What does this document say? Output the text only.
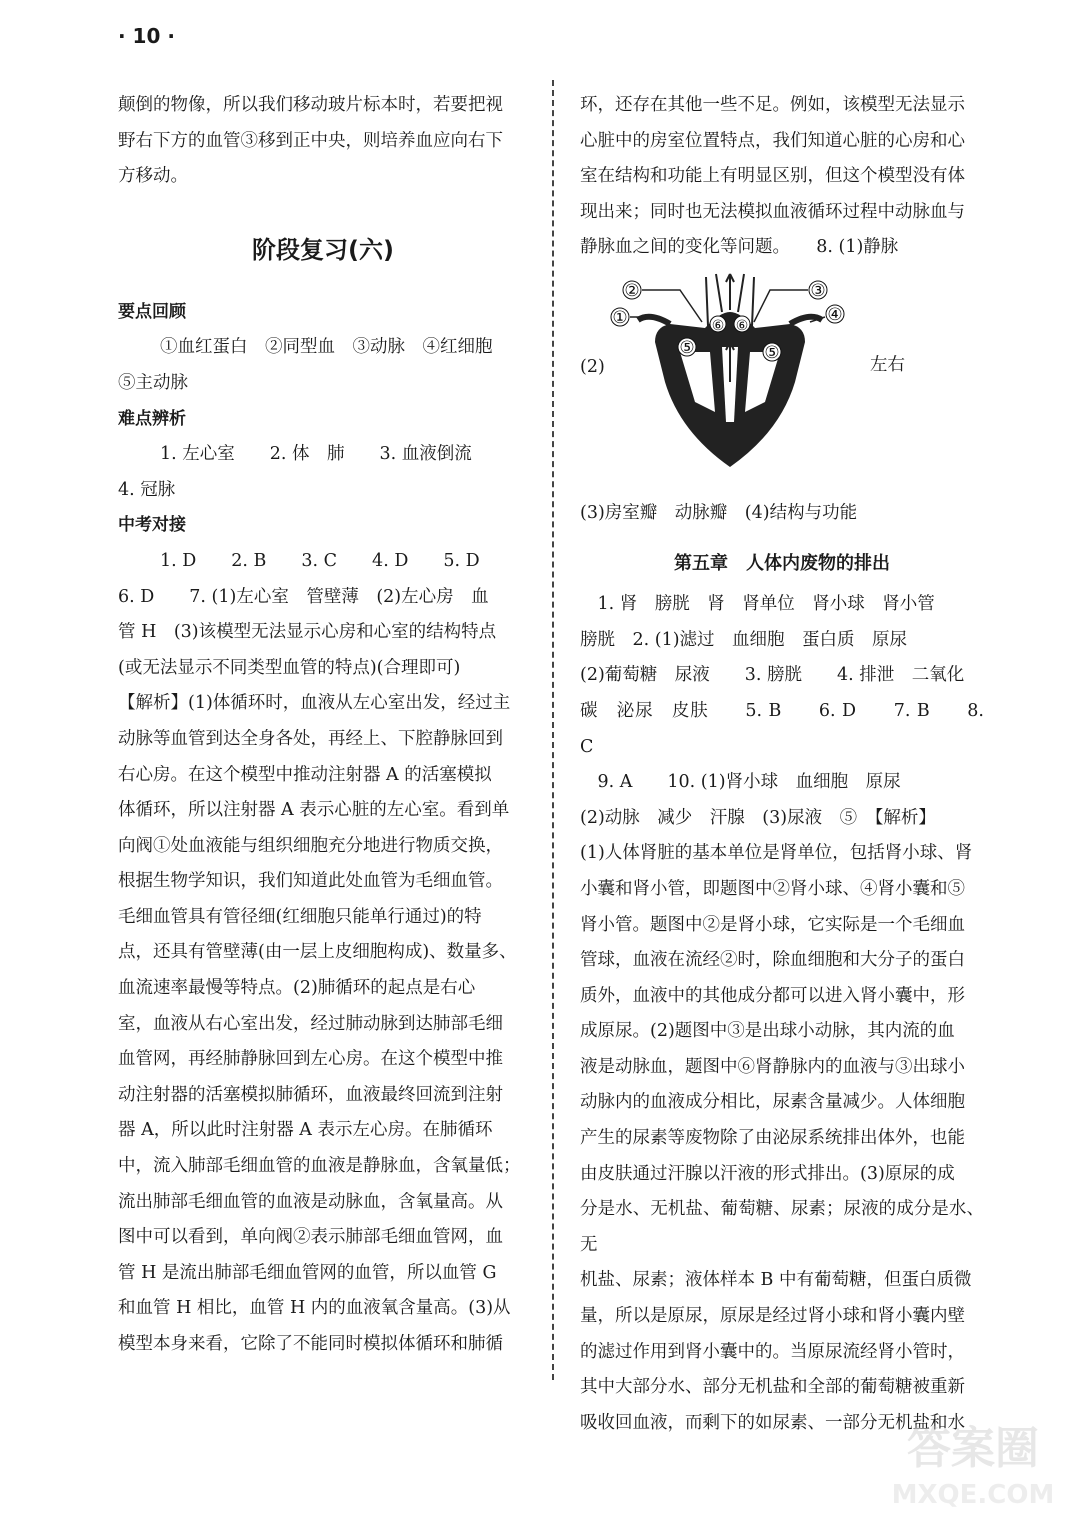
· 10 ·

颠倒的物像，所以我们移动玻片标本时，若要把视

野右下方的血管③移到正中央，则培养血应向右下

方移动。

阶段复习(六)

要点回顾

①血红蛋白　②同型血　③动脉　④红细胞

⑤主动脉

难点辨析

1. 左心室　　2. 体　肺　　3. 血液倒流

4. 冠脉

中考对接

1. D　　2. B　　3. C　　4. D　　5. D

6. D　　7. (1)左心室　管壁薄　(2)左心房　血

管 H　(3)该模型无法显示心房和心室的结构特点

(或无法显示不同类型血管的特点)(合理即可)

【解析】(1)体循环时，血液从左心室出发，经过主

动脉等血管到达全身各处，再经上、下腔静脉回到

右心房。在这个模型中推动注射器 A 的活塞模拟

体循环，所以注射器 A 表示心脏的左心室。看到单

向阀①处血液能与组织细胞充分地进行物质交换，

根据生物学知识，我们知道此处血管为毛细血管。

毛细血管具有管径细(红细胞只能单行通过)的特

点，还具有管壁薄(由一层上皮细胞构成)、数量多、

血流速率最慢等特点。(2)肺循环的起点是右心

室，血液从右心室出发，经过肺动脉到达肺部毛细

血管网，再经肺静脉回到左心房。在这个模型中推

动注射器的活塞模拟肺循环，血液最终回流到注射

器 A，所以此时注射器 A 表示左心房。在肺循环

中，流入肺部毛细血管的血液是静脉血，含氧量低；

流出肺部毛细血管的血液是动脉血，含氧量高。从

图中可以看到，单向阀②表示肺部毛细血管网，血

管 H 是流出肺部毛细血管网的血管，所以血管 G

和血管 H 相比，血管 H 内的血液氧含量高。(3)从

模型本身来看，它除了不能同时模拟体循环和肺循

环，还存在其他一些不足。例如，该模型无法显示

心脏中的房室位置特点，我们知道心脏的心房和心

室在结构和功能上有明显区别，但这个模型没有体

现出来；同时也无法模拟血液循环过程中动脉血与

静脉血之间的变化等问题。　　8. (1)静脉

(2)	左右
②	③
①	④
⑤
⑥ ⑥
⑤

(3)房室瓣　动脉瓣　(4)结构与功能

第五章　人体内废物的排出

　1. 肾　膀胱　肾　肾单位　肾小球　肾小管

膀胱　2. (1)滤过　血细胞　蛋白质　原尿

(2)葡萄糖　尿液　　3. 膀胱　　4. 排泄　二氧化

碳　泌尿　皮肤　　5. B　　6. D　　7. B　　8. C

　9. A　　10. (1)肾小球　血细胞　原尿

(2)动脉　减少　汗腺　(3)尿液　⑤　【解析】

(1)人体肾脏的基本单位是肾单位，包括肾小球、肾

小囊和肾小管，即题图中②肾小球、④肾小囊和⑤

肾小管。题图中②是肾小球，它实际是一个毛细血

管球，血液在流经②时，除血细胞和大分子的蛋白

质外，血液中的其他成分都可以进入肾小囊中，形

成原尿。(2)题图中③是出球小动脉，其内流的血

液是动脉血，题图中⑥肾静脉内的血液与③出球小

动脉内的血液成分相比，尿素含量减少。人体细胞

产生的尿素等废物除了由泌尿系统排出体外，也能

由皮肤通过汗腺以汗液的形式排出。(3)原尿的成

分是水、无机盐、葡萄糖、尿素；尿液的成分是水、无

机盐、尿素；液体样本 B 中有葡萄糖，但蛋白质微

量，所以是原尿，原尿是经过肾小球和肾小囊内壁

的滤过作用到肾小囊中的。当原尿流经肾小管时，

其中大部分水、部分无机盐和全部的葡萄糖被重新

吸收回血液，而剩下的如尿素、一部分无机盐和水

答案圈
MXQE.COM
